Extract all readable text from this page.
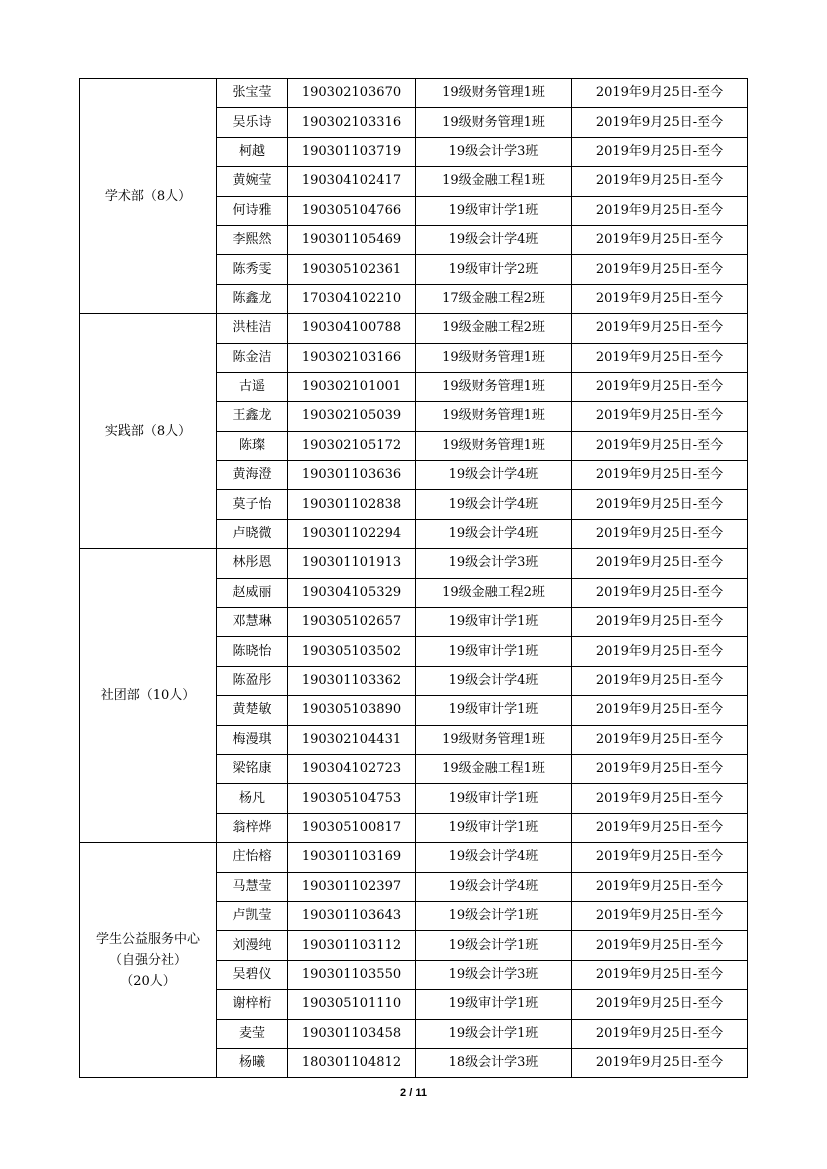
学术部（8人）	张宝莹	190302103670	19级财务管理1班	2019年9月25日-至今
	吴乐诗	190302103316	19级财务管理1班	2019年9月25日-至今
	柯越	190301103719	19级会计学3班	2019年9月25日-至今
	黄婉莹	190304102417	19级金融工程1班	2019年9月25日-至今
	何诗雅	190305104766	19级审计学1班	2019年9月25日-至今
	李熙然	190301105469	19级会计学4班	2019年9月25日-至今
	陈秀雯	190305102361	19级审计学2班	2019年9月25日-至今
	陈鑫龙	170304102210	17级金融工程2班	2019年9月25日-至今

实践部（8人）	洪桂洁	190304100788	19级金融工程2班	2019年9月25日-至今
	陈金洁	190302103166	19级财务管理1班	2019年9月25日-至今
	古遥	190302101001	19级财务管理1班	2019年9月25日-至今
	王鑫龙	190302105039	19级财务管理1班	2019年9月25日-至今
	陈璨	190302105172	19级财务管理1班	2019年9月25日-至今
	黄海澄	190301103636	19级会计学4班	2019年9月25日-至今
	莫子怡	190301102838	19级会计学4班	2019年9月25日-至今
	卢晓微	190301102294	19级会计学4班	2019年9月25日-至今

社团部（10人）	林彤恩	190301101913	19级会计学3班	2019年9月25日-至今
	赵威丽	190304105329	19级金融工程2班	2019年9月25日-至今
	邓慧琳	190305102657	19级审计学1班	2019年9月25日-至今
	陈晓怡	190305103502	19级审计学1班	2019年9月25日-至今
	陈盈彤	190301103362	19级会计学4班	2019年9月25日-至今
	黄楚敏	190305103890	19级审计学1班	2019年9月25日-至今
	梅漫琪	190302104431	19级财务管理1班	2019年9月25日-至今
	梁铭康	190304102723	19级金融工程1班	2019年9月25日-至今
	杨凡	190305104753	19级审计学1班	2019年9月25日-至今
	翁梓烨	190305100817	19级审计学1班	2019年9月25日-至今

学生公益服务中心
（自强分社）
（20人）	庄怡榕	190301103169	19级会计学4班	2019年9月25日-至今
	马慧莹	190301102397	19级会计学4班	2019年9月25日-至今
	卢凯莹	190301103643	19级会计学1班	2019年9月25日-至今
	刘漫纯	190301103112	19级会计学1班	2019年9月25日-至今
	吴碧仪	190301103550	19级会计学3班	2019年9月25日-至今
	谢梓桁	190305101110	19级审计学1班	2019年9月25日-至今
	麦莹	190301103458	19级会计学1班	2019年9月25日-至今
	杨曦	180301104812	18级会计学3班	2019年9月25日-至今
2 / 11
